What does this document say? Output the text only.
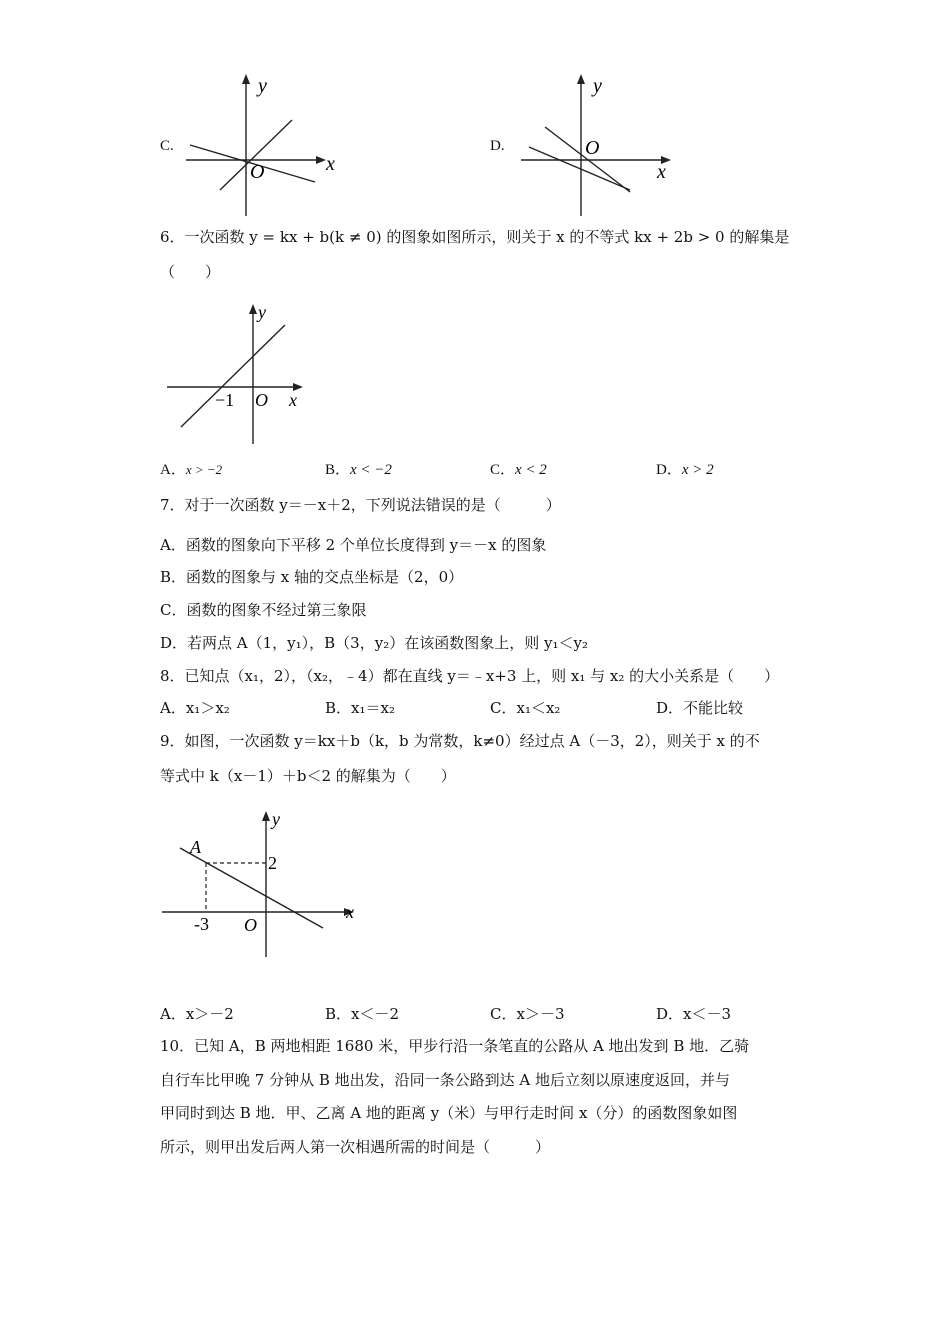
C.
y
x
O
D.
y
x
O
6．一次函数 y = kx + b(k ≠ 0) 的图象如图所示，则关于 x 的不等式 kx + 2b > 0 的解集是
（　　）
y
x
O
−1
A．x > −2	B．x < −2	C．x < 2	D．x > 2
7．对于一次函数 y＝－x＋2，下列说法错误的是（　　　）
A．函数的图象向下平移 2 个单位长度得到 y＝－x 的图象
B．函数的图象与 x 轴的交点坐标是（2，0）
C．函数的图象不经过第三象限
D．若两点 A（1，y₁），B（3，y₂）在该函数图象上，则 y₁＜y₂
8．已知点（x₁，2），（x₂，﹣4）都在直线 y＝﹣x+3 上，则 x₁ 与 x₂ 的大小关系是（　　）
A．x₁＞x₂	B．x₁＝x₂	C．x₁＜x₂	D．不能比较
9．如图，一次函数 y＝kx＋b（k，b 为常数，k≠0）经过点 A（－3，2），则关于 x 的不
等式中 k（x－1）＋b＜2 的解集为（　　）
y
x
O
A
2
-3
A．x＞－2	B．x＜－2	C．x＞－3	D．x＜－3
10．已知 A，B 两地相距 1680 米，甲步行沿一条笔直的公路从 A 地出发到 B 地．乙骑
自行车比甲晚 7 分钟从 B 地出发，沿同一条公路到达 A 地后立刻以原速度返回，并与
甲同时到达 B 地．甲、乙离 A 地的距离 y（米）与甲行走时间 x（分）的函数图象如图
所示，则甲出发后两人第一次相遇所需的时间是（　　　）
